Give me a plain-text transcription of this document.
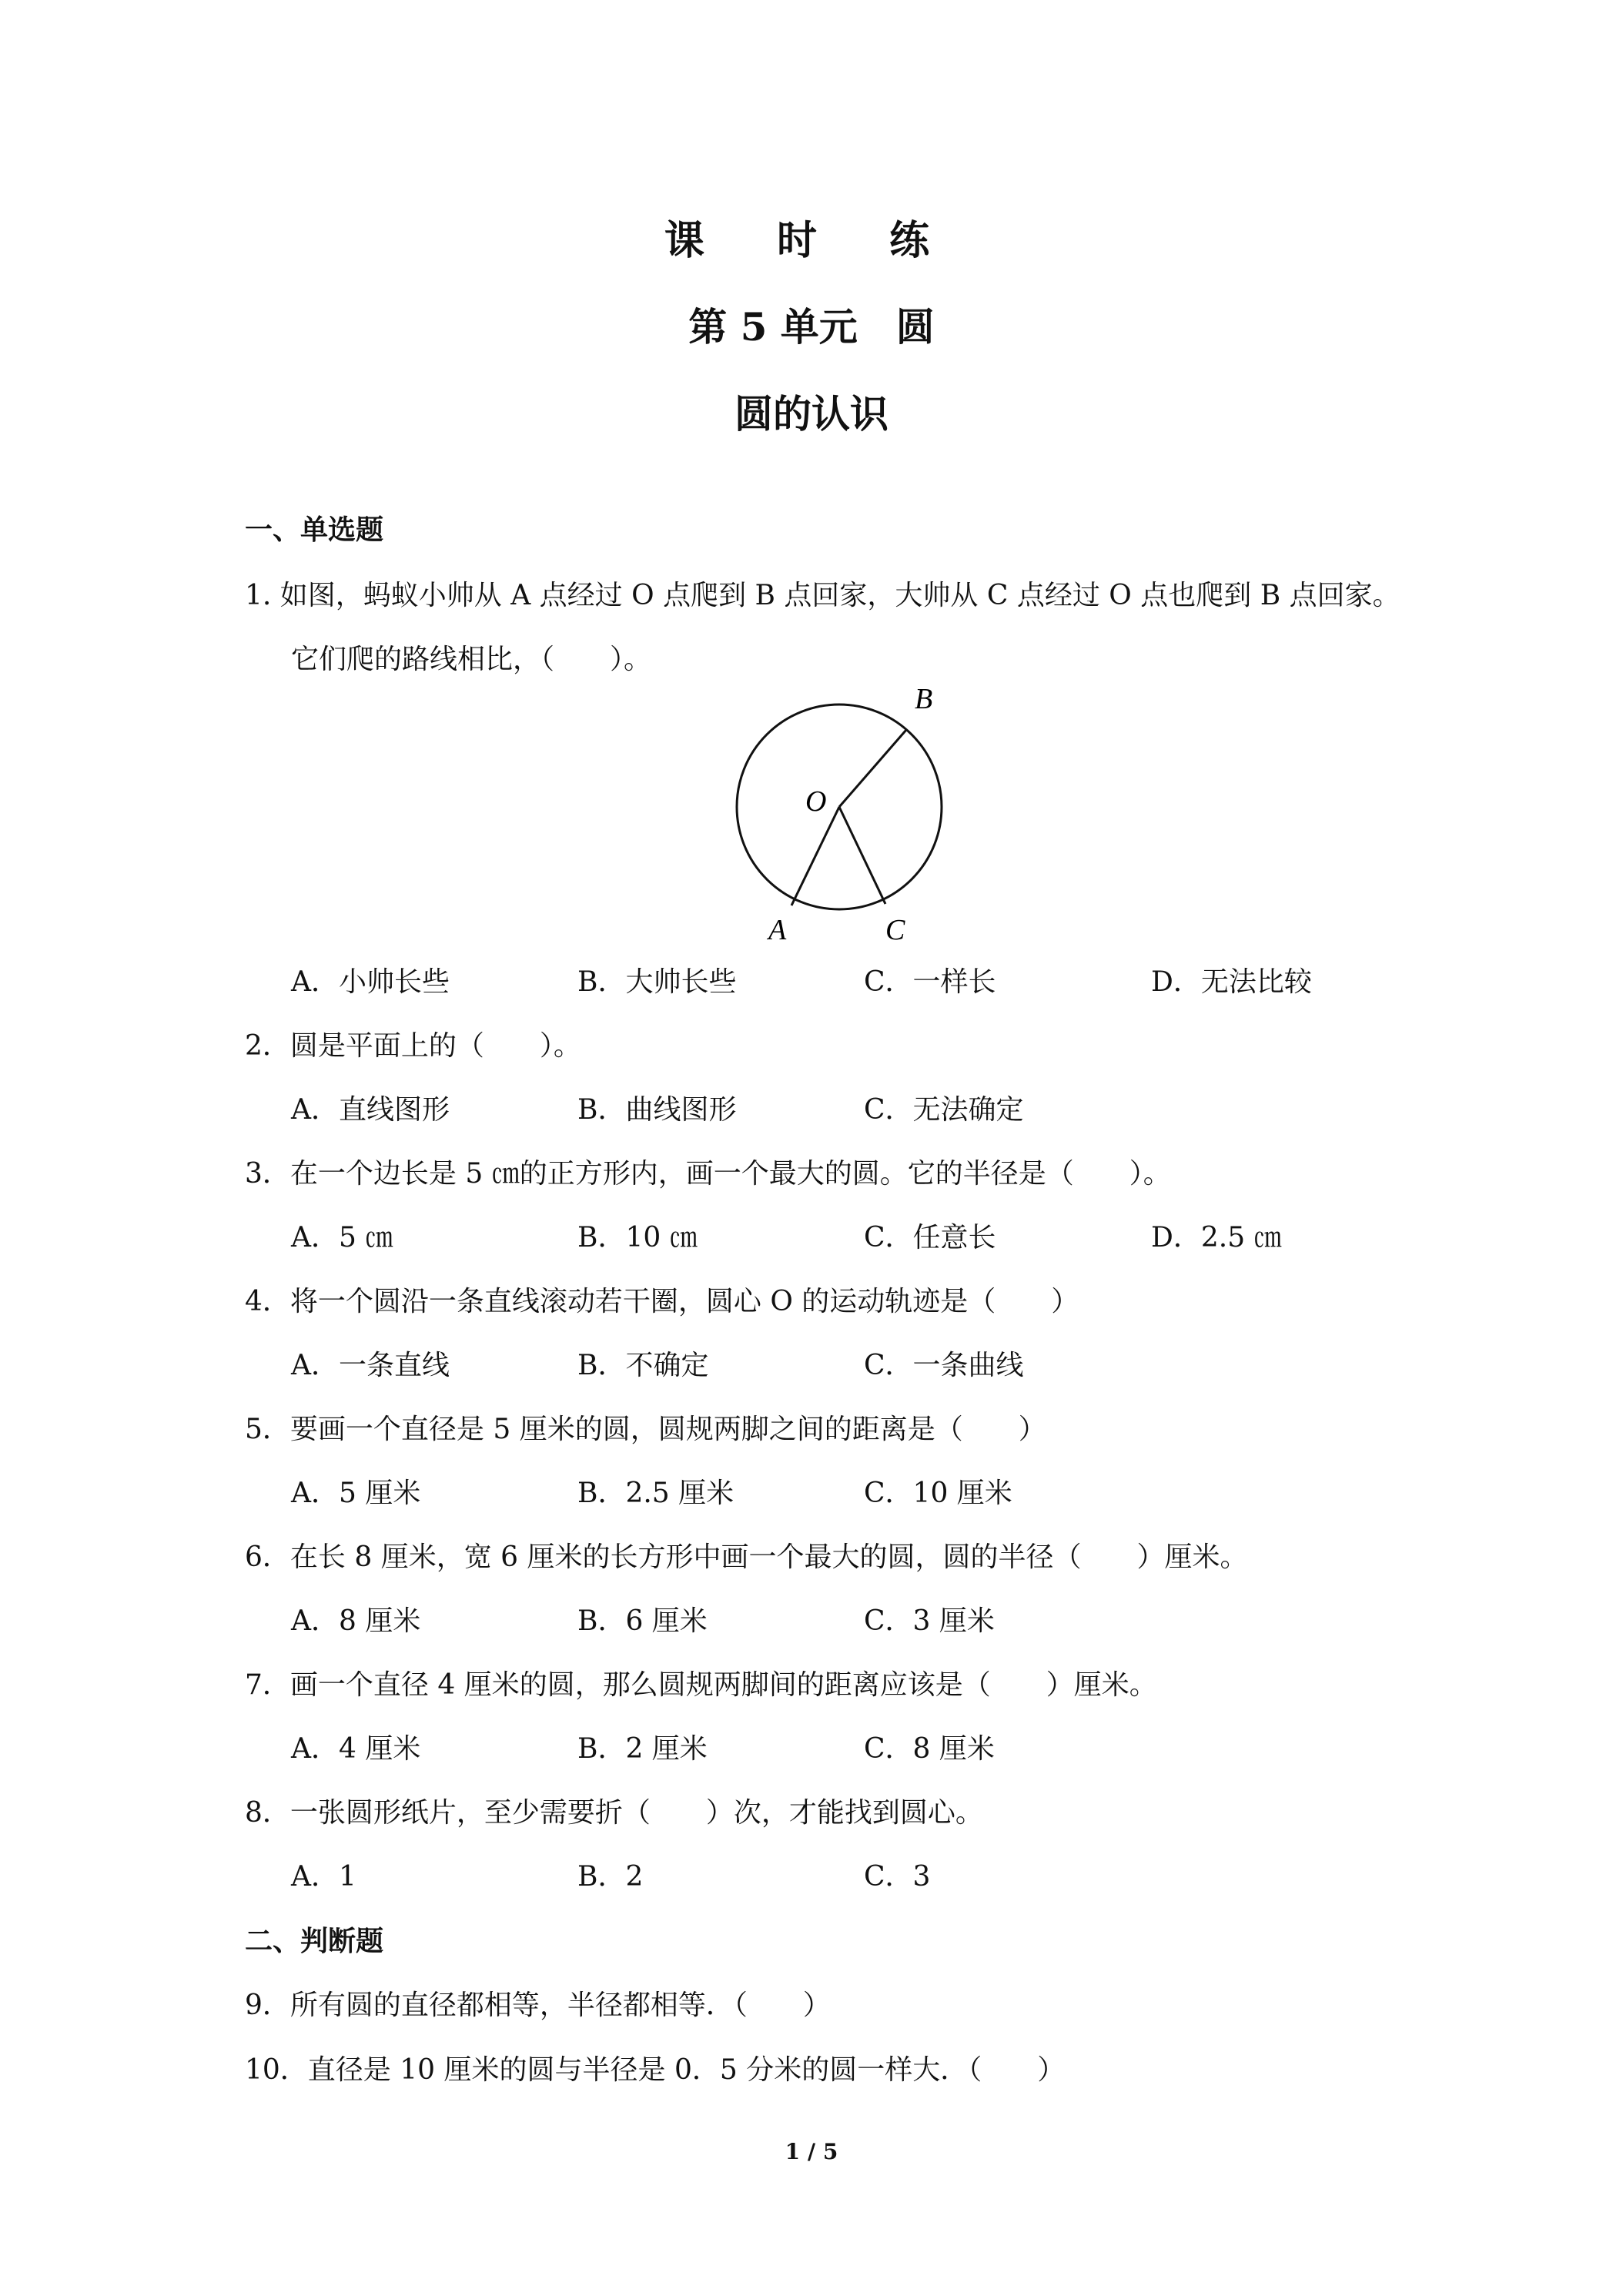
课 时 练
第 5 单元　圆
圆的认识
一、单选题
1. 如图，蚂蚁小帅从 A 点经过 O 点爬到 B 点回家，大帅从 C 点经过 O 点也爬到 B 点回家。
它们爬的路线相比，（　　）。
B
O
A	C
A．小帅长些	B．大帅长些	C．一样长	D．无法比较
2．圆是平面上的（　　）。
A．直线图形	B．曲线图形	C．无法确定
3．在一个边长是 5 ㎝的正方形内，画一个最大的圆。它的半径是（　　）。
A．5 ㎝	B．10 ㎝	C．任意长	D．2.5 ㎝
4．将一个圆沿一条直线滚动若干圈，圆心 O 的运动轨迹是（　　）
A．一条直线	B．不确定	C．一条曲线
5．要画一个直径是 5 厘米的圆，圆规两脚之间的距离是（　　）
A．5 厘米	B．2.5 厘米	C．10 厘米
6．在长 8 厘米，宽 6 厘米的长方形中画一个最大的圆，圆的半径（　　）厘米。
A．8 厘米	B．6 厘米	C．3 厘米
7．画一个直径 4 厘米的圆，那么圆规两脚间的距离应该是（　　）厘米。
A．4 厘米	B．2 厘米	C．8 厘米
8．一张圆形纸片，至少需要折（　　）次，才能找到圆心。
A．1	B．2	C．3
二、判断题
9．所有圆的直径都相等，半径都相等．（　　）
10．直径是 10 厘米的圆与半径是 0．5 分米的圆一样大．（　　）
1 / 5
